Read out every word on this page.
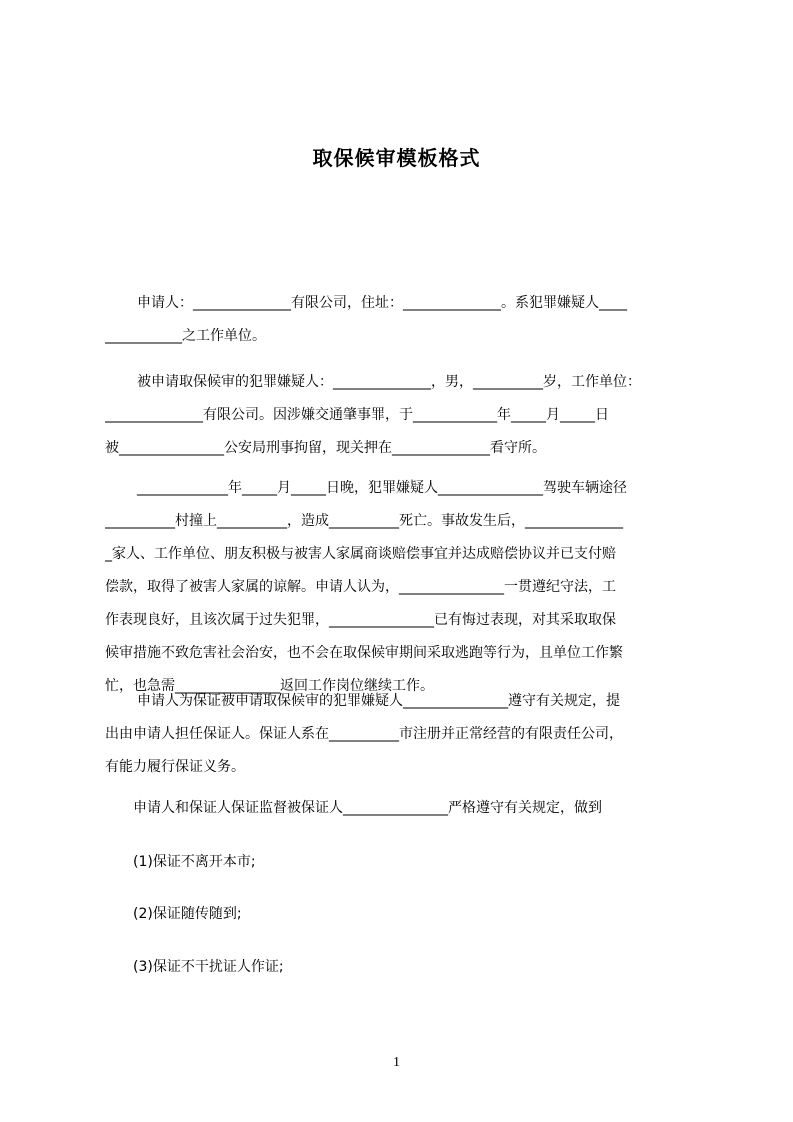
取保候审模板格式
申请人：______________有限公司，住址：______________。系犯罪嫌疑人____
___________之工作单位。
被申请取保候审的犯罪嫌疑人：______________，男，__________岁，工作单位：
______________有限公司。因涉嫌交通肇事罪，于____________年_____月_____日
被_______________公安局刑事拘留，现关押在______________看守所。
_____________年_____月_____日晚，犯罪嫌疑人_______________驾驶车辆途径
__________村撞上__________，造成__________死亡。事故发生后，______________
_家人、工作单位、朋友积极与被害人家属商谈赔偿事宜并达成赔偿协议并已支付赔
偿款，取得了被害人家属的谅解。申请人认为，_______________一贯遵纪守法，工
作表现良好，且该次属于过失犯罪，_______________已有悔过表现，对其采取取保
候审措施不致危害社会治安，也不会在取保候审期间采取逃跑等行为，且单位工作繁
忙，也急需_______________返回工作岗位继续工作。
申请人为保证被申请取保候审的犯罪嫌疑人_______________遵守有关规定，提
出由申请人担任保证人。保证人系在__________市注册并正常经营的有限责任公司，
有能力履行保证义务。
申请人和保证人保证监督被保证人_______________严格遵守有关规定，做到
(1)保证不离开本市;
(2)保证随传随到;
(3)保证不干扰证人作证;
1
